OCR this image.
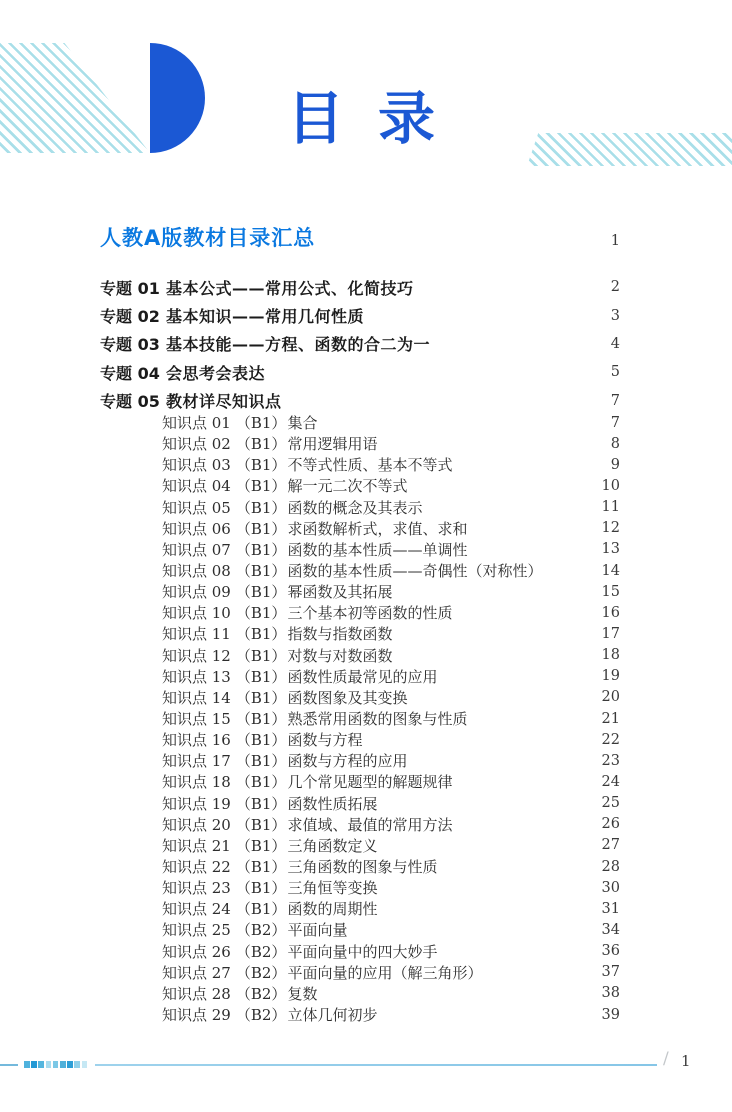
目录
人教A版教材目录汇总	1
专题 01 基本公式——常用公式、化简技巧	2
专题 02 基本知识——常用几何性质	3
专题 03 基本技能——方程、函数的合二为一	4
专题 04 会思考会表达	5
专题 05 教材详尽知识点	7
知识点 01 （B1） 集合	7
知识点 02 （B1） 常用逻辑用语	8
知识点 03 （B1） 不等式性质、基本不等式	9
知识点 04 （B1） 解一元二次不等式	10
知识点 05 （B1） 函数的概念及其表示	11
知识点 06 （B1） 求函数解析式，求值、求和	12
知识点 07 （B1） 函数的基本性质——单调性	13
知识点 08 （B1） 函数的基本性质——奇偶性（对称性）	14
知识点 09 （B1） 幂函数及其拓展	15
知识点 10 （B1） 三个基本初等函数的性质	16
知识点 11 （B1） 指数与指数函数	17
知识点 12 （B1） 对数与对数函数	18
知识点 13 （B1） 函数性质最常见的应用	19
知识点 14 （B1） 函数图象及其变换	20
知识点 15 （B1） 熟悉常用函数的图象与性质	21
知识点 16 （B1） 函数与方程	22
知识点 17 （B1） 函数与方程的应用	23
知识点 18 （B1） 几个常见题型的解题规律	24
知识点 19 （B1） 函数性质拓展	25
知识点 20 （B1） 求值域、最值的常用方法	26
知识点 21 （B1） 三角函数定义	27
知识点 22 （B1） 三角函数的图象与性质	28
知识点 23 （B1） 三角恒等变换	30
知识点 24 （B1） 函数的周期性	31
知识点 25 （B2） 平面向量	34
知识点 26 （B2） 平面向量中的四大妙手	36
知识点 27 （B2） 平面向量的应用（解三角形）	37
知识点 28 （B2） 复数	38
知识点 29 （B2） 立体几何初步	39
/ 1
